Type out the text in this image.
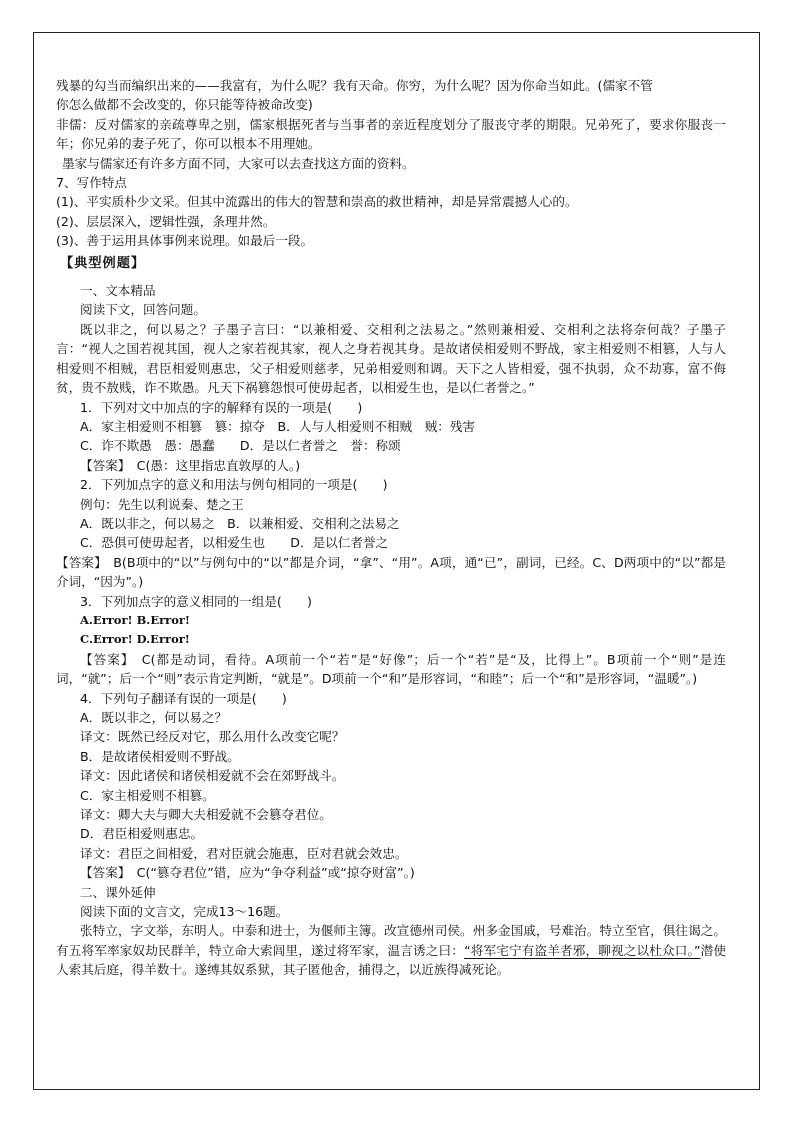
残暴的勾当而编织出来的——我富有，为什么呢？我有天命。你穷，为什么呢？因为你命当如此。(儒家不管

你怎么做都不会改变的，你只能等待被命改变)

非儒：反对儒家的亲疏尊卑之别，儒家根据死者与当事者的亲近程度划分了服丧守孝的期限。兄弟死了，要求你服丧一年；你兄弟的妻子死了，你可以根本不用理她。

墨家与儒家还有许多方面不同，大家可以去查找这方面的资料。

7、写作特点

(1)、平实质朴少文采。但其中流露出的伟大的智慧和崇高的救世精神，却是异常震撼人心的。

(2)、层层深入，逻辑性强，条理井然。

(3)、善于运用具体事例来说理。如最后一段。

【典型例题】

一、文本精品

阅读下文，回答问题。

既以非之，何以易之？子墨子言曰：“以兼相爱、交相利之法易之。”然则兼相爱、交相利之法将奈何哉？子墨子言：“视人之国若视其国，视人之家若视其家，视人之身若视其身。是故诸侯相爱则不野战，家主相爱则不相篡，人与人相爱则不相贼，君臣相爱则惠忠，父子相爱则慈孝，兄弟相爱则和调。天下之人皆相爱，强不执弱，众不劫寡，富不侮贫，贵不敖贱，诈不欺愚。凡天下祸篡怨恨可使毋起者，以相爱生也，是以仁者誉之。”

1．下列对文中加点的字的解释有误的一项是(　　)

A．家主相爱则不相篡　篡：掠夺　B．人与人相爱则不相贼　贼：残害

C．诈不欺愚　愚：愚蠢　　D．是以仁者誉之　誉：称颂

【答案】　C(愚：这里指忠直敦厚的人。)

2．下列加点字的意义和用法与例句相同的一项是(　　)

例句：先生以利说秦、楚之王

A．既以非之，何以易之　B．以兼相爱、交相利之法易之

C．恐俱可使毋起者，以相爱生也　　D．是以仁者誉之

【答案】　B(B项中的“以”与例句中的“以”都是介词，“拿”、“用”。A项，通“已”，副词，已经。C、D两项中的“以”都是介词，“因为”。)

3．下列加点字的意义相同的一组是(　　)

A.Error! B.Error!

C.Error! D.Error!

【答案】　C(都是动词，看待。A项前一个“若”是“好像”；后一个“若”是“及，比得上”。B项前一个“则”是连词，“就”；后一个“则”表示肯定判断，“就是”。D项前一个“和”是形容词，“和睦”；后一个“和”是形容词，“温暖”。)

4．下列句子翻译有误的一项是(　　)

A．既以非之，何以易之？

译文：既然已经反对它，那么用什么改变它呢？

B．是故诸侯相爱则不野战。

译文：因此诸侯和诸侯相爱就不会在郊野战斗。

C．家主相爱则不相篡。

译文：卿大夫与卿大夫相爱就不会篡夺君位。

D．君臣相爱则惠忠。

译文：君臣之间相爱，君对臣就会施惠，臣对君就会效忠。

【答案】　C(“篡夺君位”错，应为“争夺利益”或“掠夺财富”。)

二、课外延伸

阅读下面的文言文，完成13～16题。

张特立，字文举，东明人。中泰和进士，为偃师主簿。改宣德州司侯。州多金国戚，号难治。特立至官，俱往谒之。有五将军率家奴劫民群羊，特立命大索闾里，遂过将军家，温言诱之曰：“将军宅宁有盗羊者邪，聊视之以杜众口。”潜使人索其后庭，得羊数十。遂缚其奴系狱，其子匿他舍，捕得之，以近族得减死论。
